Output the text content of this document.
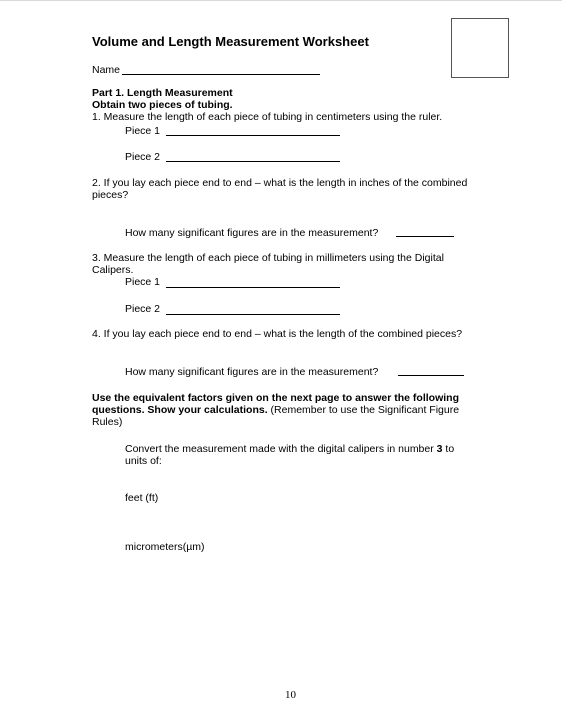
Volume and Length Measurement Worksheet
Name
Part 1. Length Measurement
Obtain two pieces of tubing.
1. Measure the length of each piece of tubing in centimeters using the ruler.
Piece 1
Piece 2
2. If you lay each piece end to end – what is the length in inches of the combined
pieces?
How many significant figures are in the measurement?
3. Measure the length of each piece of tubing in millimeters using the Digital
Calipers.
Piece 1
Piece 2
4. If you lay each piece end to end – what is the length of the combined pieces?
How many significant figures are in the measurement?
Use the equivalent factors given on the next page to answer the following
questions. Show your calculations. (Remember to use the Significant Figure
Rules)
Convert the measurement made with the digital calipers in number 3 to
units of:
feet (ft)
micrometers(µm)
10
